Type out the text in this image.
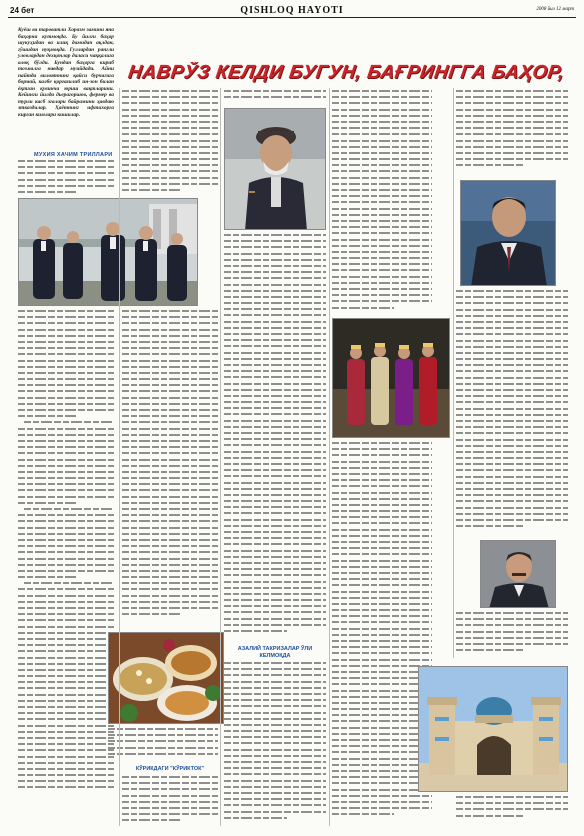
24 бет	QISHLOQ HAYOTI	2008 йил 12 март
Куёш ва тароватли Хоразм замини яна баҳорни кутмоқда. Бу йилги баҳор шукуҳидан ва илиқ дамидан ақлдан, гўшидан нуқмоқда. Гуллардан рангли уловлардан дехқонлар даласи чаққалига алоқ бўлди. Бундан баҳорга кириб тоъналга навдар муийдади. Айни пайтда вилоятнинг қайси бурчагига бормай, калбе қорғағилиб ин-зон билан ёқтган қувинча юриш вақтларини. Кейинги йилда дьерагоршов, фермер ва турли касб эгалари байрамини ҳавдаю этказдилар. Ҳаётнинг ифтихорга кирган кимлари кишилар.
НАВРЎЗ КЕЛДИ БУГУН, БАҒРИНГГА БАҲОР,
МУХИЯ ХАЧИМ ТРИЛЛАРИ
КЎРИКДАГИ "КЎРИКТОК"
АЗАЛИЙ ТАКРИЗАЛАР ЎЛИ
КЕЛМОҚДА
